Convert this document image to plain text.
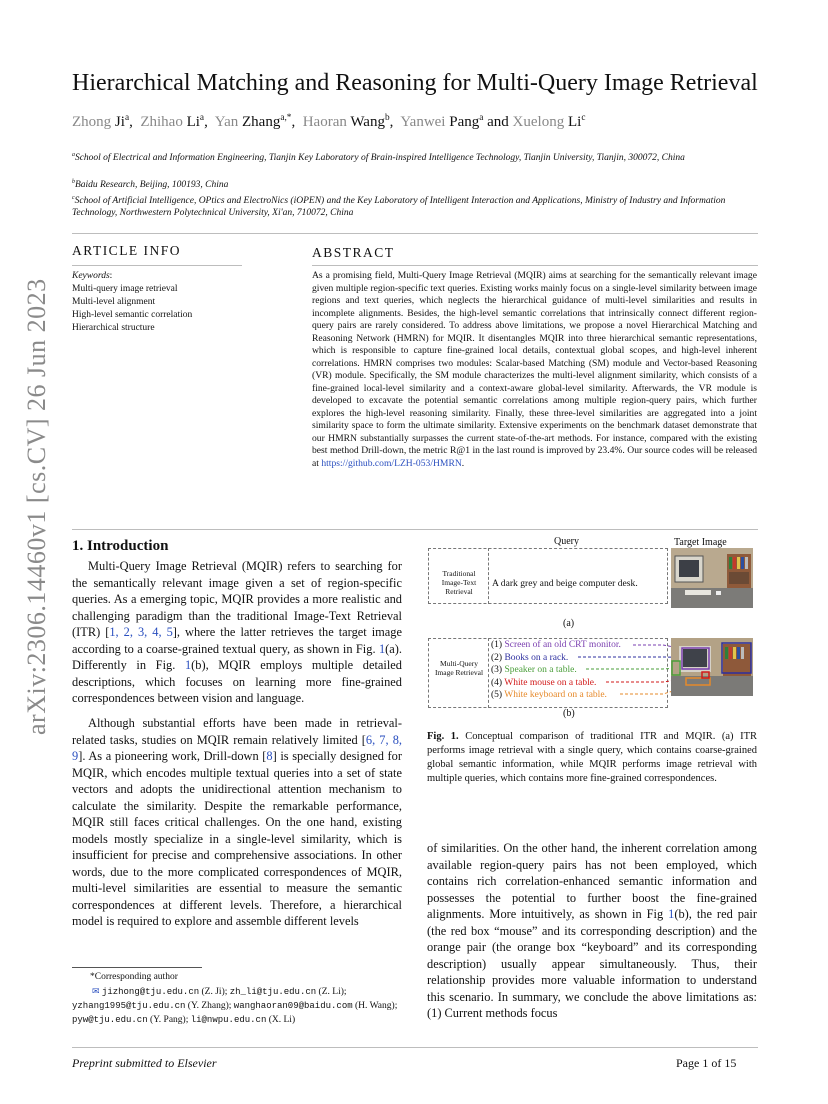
arXiv:2306.14460v1 [cs.CV] 26 Jun 2023
Hierarchical Matching and Reasoning for Multi-Query Image Retrieval
Zhong Ji$^a$,  Zhihao Li$^a$,  Yan Zhang$^{a,*}$,  Haoran Wang$^b$,  Yanwei Pang$^a$ and Xuelong Li$^c$
$^a$School of Electrical and Information Engineering, Tianjin Key Laboratory of Brain-inspired Intelligence Technology, Tianjin University, Tianjin, 300072, China
$^b$Baidu Research, Beijing, 100193, China
$^c$School of Artificial Intelligence, OPtics and ElectroNics (iOPEN) and the Key Laboratory of Intelligent Interaction and Applications, Ministry of Industry and Information Technology, Northwestern Polytechnical University, Xi'an, 710072, China
ARTICLE INFO
Keywords:
Multi-query image retrieval
Multi-level alignment
High-level semantic correlation
Hierarchical structure
ABSTRACT
As a promising field, Multi-Query Image Retrieval (MQIR) aims at searching for the semantically relevant image given multiple region-specific text queries. Existing works mainly focus on a single-level similarity between image regions and text queries, which neglects the hierarchical guidance of multi-level similarities and results in incomplete alignments. Besides, the high-level semantic correlations that intrinsically connect different region-query pairs are rarely considered. To address above limitations, we propose a novel Hierarchical Matching and Reasoning Network (HMRN) for MQIR. It disentangles MQIR into three hierarchical semantic representations, which is responsible to capture fine-grained local details, contextual global scopes, and high-level inherent correlations. HMRN comprises two modules: Scalar-based Matching (SM) module and Vector-based Reasoning (VR) module. Specifically, the SM module characterizes the multi-level alignment similarity, which consists of a fine-grained local-level similarity and a context-aware global-level similarity. Afterwards, the VR module is developed to excavate the potential semantic correlations among multiple region-query pairs, which further explores the high-level reasoning similarity. Finally, these three-level similarities are aggregated into a joint similarity space to form the ultimate similarity. Extensive experiments on the benchmark dataset demonstrate that our HMRN substantially surpasses the current state-of-the-art methods. For instance, compared with the existing best method Drill-down, the metric R@1 in the last round is improved by 23.4%. Our source codes will be released at https://github.com/LZH-053/HMRN.
1. Introduction
Multi-Query Image Retrieval (MQIR) refers to searching for the semantically relevant image given a set of region-specific queries. As a emerging topic, MQIR provides a more realistic and challenging paradigm than the traditional Image-Text Retrieval (ITR) [1, 2, 3, 4, 5], where the latter retrieves the target image according to a coarse-grained textual query, as shown in Fig. 1(a). Differently in Fig. 1(b), MQIR employs multiple detailed descriptions, which focuses on learning more fine-grained correspondences between vision and language.
Although substantial efforts have been made in retrieval-related tasks, studies on MQIR remain relatively limited [6, 7, 8, 9]. As a pioneering work, Drill-down [8] is specially designed for MQIR, which encodes multiple textual queries into a set of state vectors and adopts the unidirectional attention mechanism to calculate the similarity. Despite the remarkable performance, MQIR still faces critical challenges. On the one hand, existing models mostly specialize in a single-level similarity, which is insufficient for precise and comprehensive associations. In other words, due to the more complicated correspondences of MQIR, multi-level similarities are essential to measure the semantic correspondences at different levels. Therefore, a hierarchical model is required to explore and assemble different levels
of similarities. On the other hand, the inherent correlation among available region-query pairs has not been employed, which contains rich correlation-enhanced semantic information and possesses the potential to further boost the fine-grained alignments. More intuitively, as shown in Fig 1(b), the red pair (the red box “mouse” and its corresponding description) and the orange pair (the orange box “keyboard” and its corresponding description) usually appear simultaneously. Thus, their relationship provides more valuable information to understand this scenario. In summary, we conclude the above limitations as: (1) Current methods focus
Query	Target Image
Traditional Image-Text Retrieval
A dark grey and beige computer desk.
(a)
Multi-Query Image Retrieval
(1) Screen of an old CRT monitor.
(2) Books on a rack.
(3) Speaker on a table.
(4) White mouse on a table.
(5) White keyboard on a table.
(b)
Fig. 1. Conceptual comparison of traditional ITR and MQIR. (a) ITR performs image retrieval with a single query, which contains coarse-grained global semantic information, while MQIR performs image retrieval with multiple queries, which contains more fine-grained correspondences.
*Corresponding author
✉ jizhong@tju.edu.cn (Z. Ji); zh_li@tju.edu.cn (Z. Li);
yzhang1995@tju.edu.cn (Y. Zhang); wanghaoran09@baidu.com (H. Wang);
pyw@tju.edu.cn (Y. Pang); li@nwpu.edu.cn (X. Li)
Preprint submitted to Elsevier	Page 1 of 15
